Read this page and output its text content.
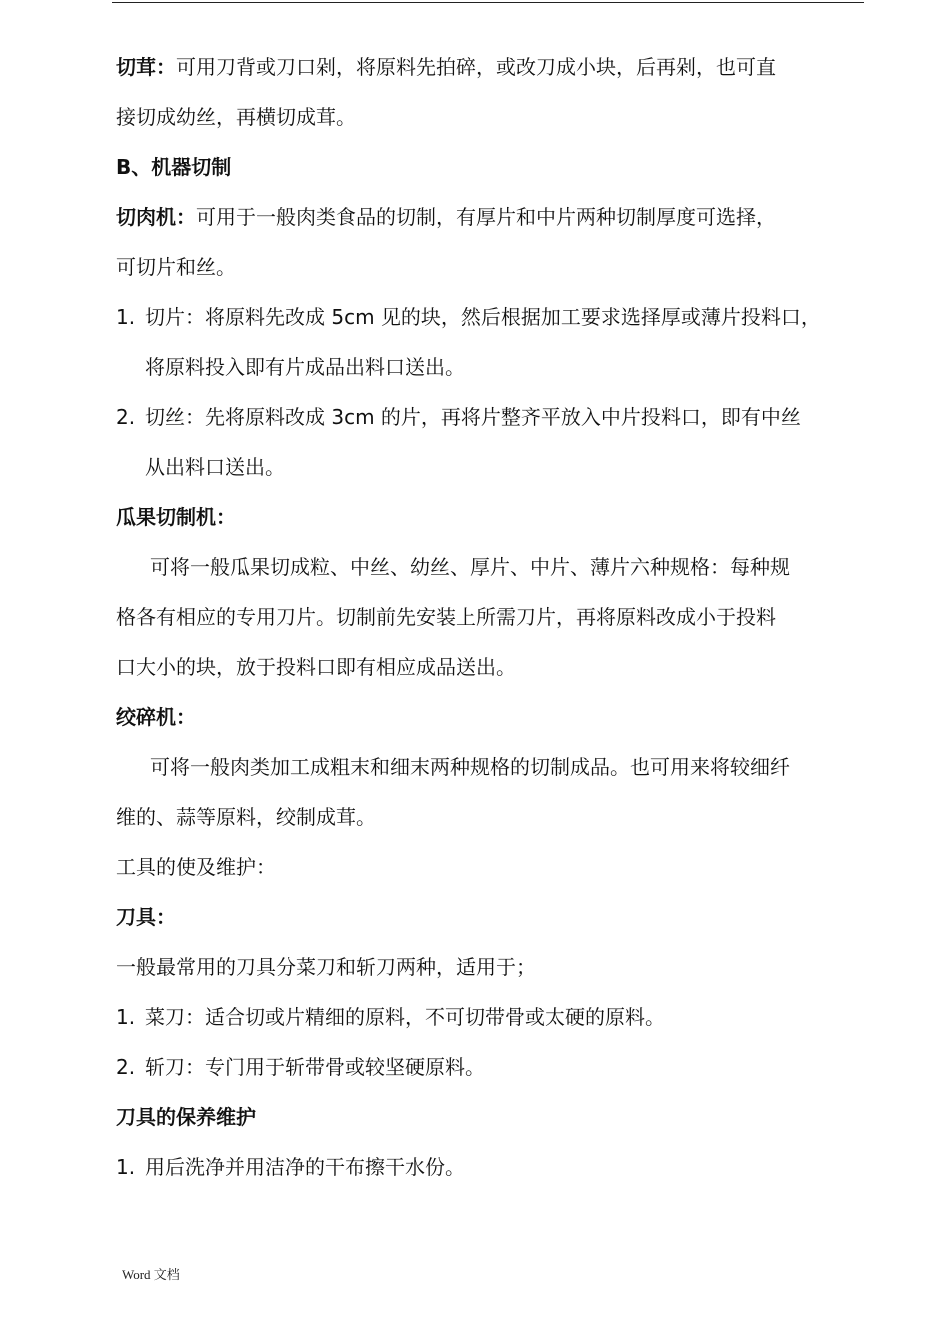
切茸：可用刀背或刀口剁，将原料先拍碎，或改刀成小块，后再剁，也可直
接切成幼丝，再横切成茸。
B、机器切制
切肉机：可用于一般肉类食品的切制，有厚片和中片两种切制厚度可选择，
可切片和丝。
1. 切片：将原料先改成 5cm 见的块，然后根据加工要求选择厚或薄片投料口，
将原料投入即有片成品出料口送出。
2. 切丝：先将原料改成 3cm 的片，再将片整齐平放入中片投料口，即有中丝
从出料口送出。
瓜果切制机：
可将一般瓜果切成粒、中丝、幼丝、厚片、中片、薄片六种规格：每种规
格各有相应的专用刀片。切制前先安装上所需刀片，再将原料改成小于投料
口大小的块，放于投料口即有相应成品送出。
绞碎机：
可将一般肉类加工成粗末和细末两种规格的切制成品。也可用来将较细纤
维的、蒜等原料，绞制成茸。
工具的使及维护：
刀具：
一般最常用的刀具分菜刀和斩刀两种，适用于；
1. 菜刀：适合切或片精细的原料，不可切带骨或太硬的原料。
2. 斩刀：专门用于斩带骨或较坚硬原料。
刀具的保养维护
1. 用后洗净并用洁净的干布擦干水份。
Word 文档
